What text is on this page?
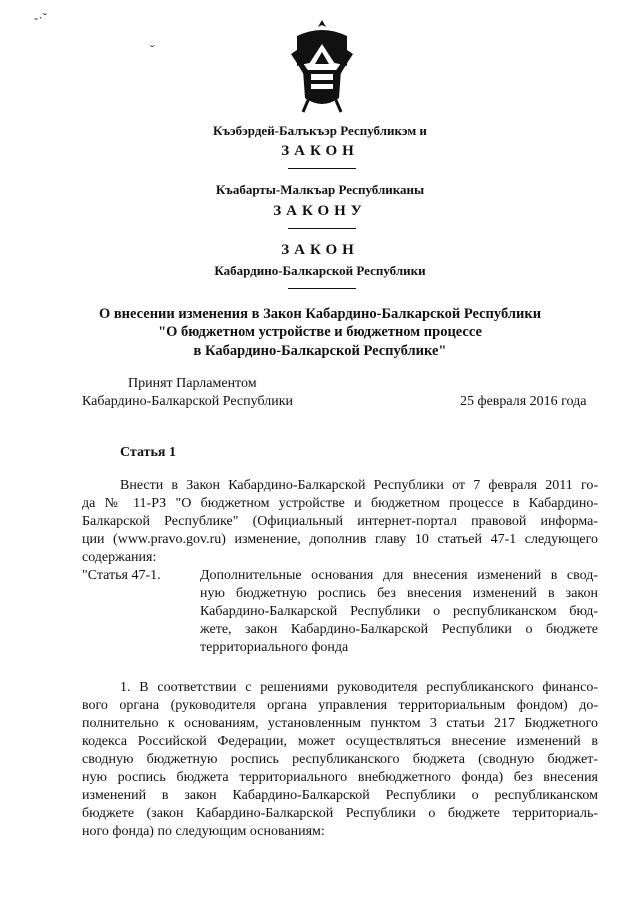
-·ˇ
ˇ
Къэбэрдей-Балъкъэр Республикэм и
ЗАКОН
Къабарты-Малкъар Республиканы
ЗАКОНУ
ЗАКОН
Кабардино-Балкарской Республики
О внесении изменения в Закон Кабардино-Балкарской Республики
"О бюджетном устройстве и бюджетном процессе
в Кабардино-Балкарской Республике"
Принят Парламентом
Кабардино-Балкарской Республики	25 февраля 2016 года
Статья 1
Внести в Закон Кабардино-Балкарской Республики от 7 февраля 2011 го-
да № 11-РЗ "О бюджетном устройстве и бюджетном процессе в Кабардино-
Балкарской Республике" (Официальный интернет-портал правовой информа-
ции (www.pravo.gov.ru) изменение, дополнив главу 10 статьей 47-1 следующего
содержания:
"Статья 47-1.	Дополнительные основания для внесения изменений в свод-
ную бюджетную роспись без внесения изменений в закон
Кабардино-Балкарской Республики о республиканском бюд-
жете, закон Кабардино-Балкарской Республики о бюджете
территориального фонда
1. В соответствии с решениями руководителя республиканского финансо-
вого органа (руководителя органа управления территориальным фондом) до-
полнительно к основаниям, установленным пунктом 3 статьи 217 Бюджетного
кодекса Российской Федерации, может осуществляться внесение изменений в
сводную бюджетную роспись республиканского бюджета (сводную бюджет-
ную роспись бюджета территориального внебюджетного фонда) без внесения
изменений в закон Кабардино-Балкарской Республики о республиканском
бюджете (закон Кабардино-Балкарской Республики о бюджете территориаль-
ного фонда) по следующим основаниям:
